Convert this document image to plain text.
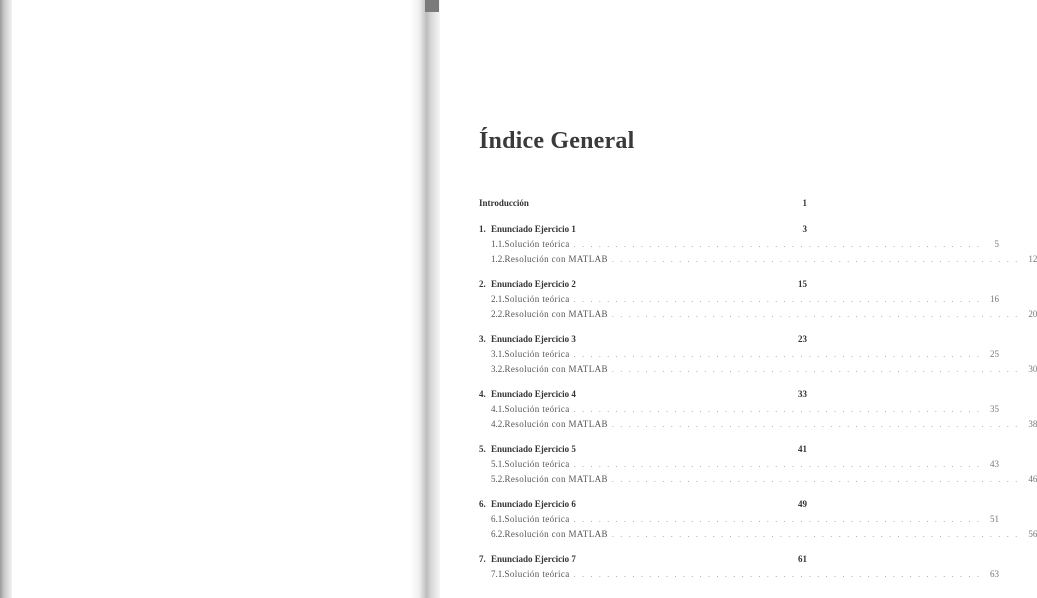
Índice General
Introducción	1
1. Enunciado Ejercicio 1	3
1.1. Solución teórica . . . . . . . . . . . . . . . . . . . . . . . . . . . . . . . . . . . . . . . . . . . . . . . . .	5
1.2. Resolución con MATLAB . . . . . . . . . . . . . . . . . . . . . . . . . . . . . . . . . . . . . . . . . . . . . . . . .	12
2. Enunciado Ejercicio 2	15
2.1. Solución teórica . . . . . . . . . . . . . . . . . . . . . . . . . . . . . . . . . . . . . . . . . . . . . . . . .	16
2.2. Resolución con MATLAB . . . . . . . . . . . . . . . . . . . . . . . . . . . . . . . . . . . . . . . . . . . . . . . . .	20
3. Enunciado Ejercicio 3	23
3.1. Solución teórica . . . . . . . . . . . . . . . . . . . . . . . . . . . . . . . . . . . . . . . . . . . . . . . . .	25
3.2. Resolución con MATLAB . . . . . . . . . . . . . . . . . . . . . . . . . . . . . . . . . . . . . . . . . . . . . . . . .	30
4. Enunciado Ejercicio 4	33
4.1. Solución teórica . . . . . . . . . . . . . . . . . . . . . . . . . . . . . . . . . . . . . . . . . . . . . . . . .	35
4.2. Resolución con MATLAB . . . . . . . . . . . . . . . . . . . . . . . . . . . . . . . . . . . . . . . . . . . . . . . . .	38
5. Enunciado Ejercicio 5	41
5.1. Solución teórica . . . . . . . . . . . . . . . . . . . . . . . . . . . . . . . . . . . . . . . . . . . . . . . . .	43
5.2. Resolución con MATLAB . . . . . . . . . . . . . . . . . . . . . . . . . . . . . . . . . . . . . . . . . . . . . . . . .	46
6. Enunciado Ejercicio 6	49
6.1. Solución teórica . . . . . . . . . . . . . . . . . . . . . . . . . . . . . . . . . . . . . . . . . . . . . . . . .	51
6.2. Resolución con MATLAB . . . . . . . . . . . . . . . . . . . . . . . . . . . . . . . . . . . . . . . . . . . . . . . . .	56
7. Enunciado Ejercicio 7	61
7.1. Solución teórica . . . . . . . . . . . . . . . . . . . . . . . . . . . . . . . . . . . . . . . . . . . . . . . . .	63
